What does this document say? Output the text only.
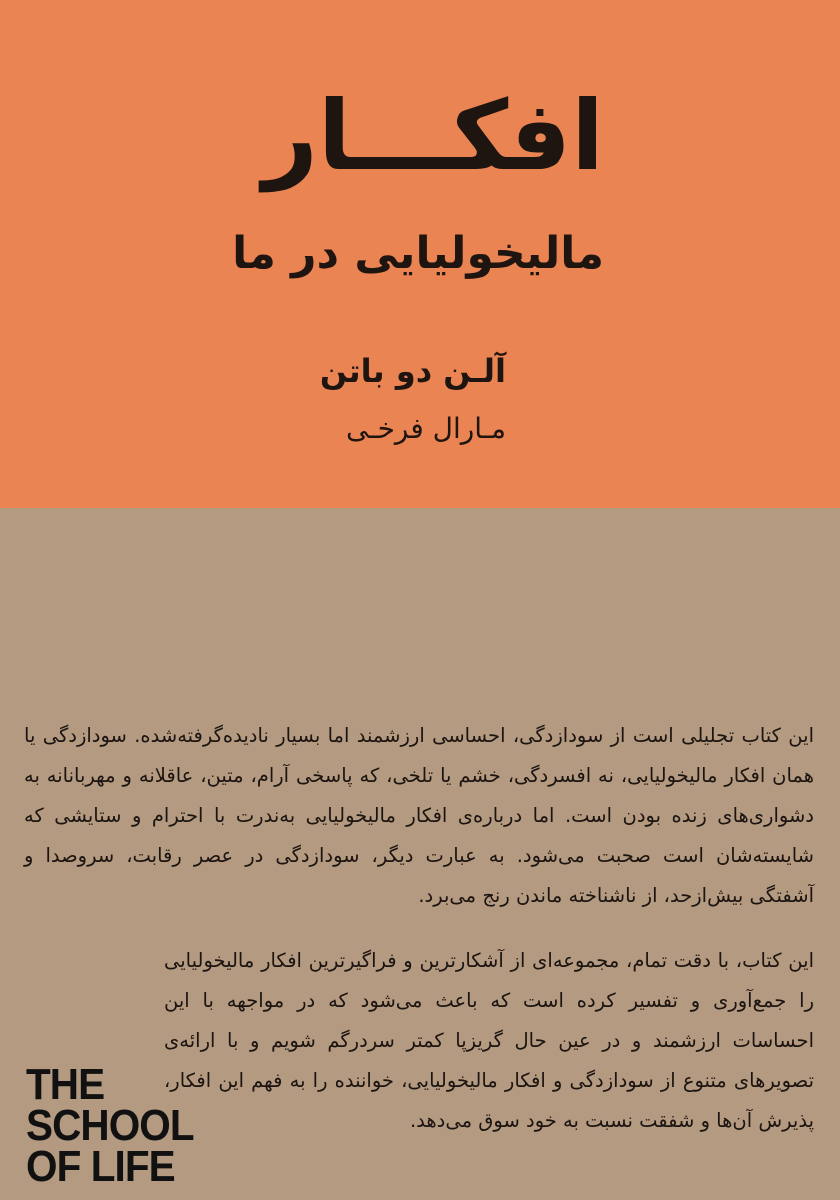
افکـــار
مالیخولیایی در ما
آلـن دو باتن
مـارال فرخـی

این کتاب تجلیلی است از سودازدگی، احساسی ارزشمند اما بسیار نادیده‌گرفته‌شده. سودازدگی یا همان افکار مالیخولیایی، نه افسردگی، خشم یا تلخی، که پاسخی آرام، متین، عاقلانه و مهربانانه به دشواری‌های زنده بودن است. اما درباره‌ی افکار مالیخولیایی به‌ندرت با احترام و ستایشی که شایسته‌شان است صحبت می‌شود. به عبارت دیگر، سودازدگی در عصر رقابت، سروصدا و آشفتگی بیش‌ازحد، از ناشناخته ماندن رنج می‌برد.

این کتاب، با دقت تمام، مجموعه‌ای از آشکارترین و فراگیرترین افکار مالیخولیایی را جمع‌آوری و تفسیر کرده است که باعث می‌شود که در مواجهه با این احساسات ارزشمند و در عین حال گریزپا کمتر سردرگم شویم و با ارائه‌ی تصویرهای متنوع از سودازدگی و افکار مالیخولیایی، خواننده را به فهم این افکار، پذیرش آن‌ها و شفقت نسبت به خود سوق می‌دهد.

THE
SCHOOL
OF LIFE
